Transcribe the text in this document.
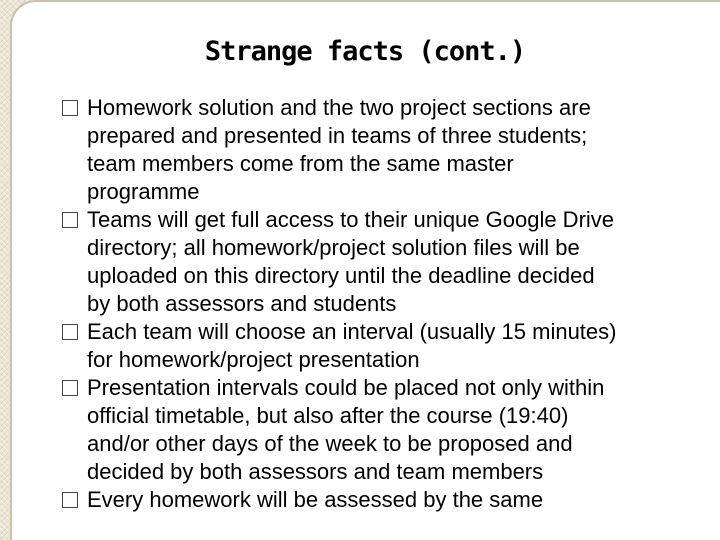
Strange facts (cont.)
Homework solution and the two project sections are
prepared and presented in teams of three students;
team members come from the same master
programme
Teams will get full access to their unique Google Drive
directory; all homework/project solution files will be
uploaded on this directory until the deadline decided
by both assessors and students
Each team will choose an interval (usually 15 minutes)
for homework/project presentation
Presentation intervals could be placed not only within
official timetable, but also after the course (19:40)
and/or other days of the week to be proposed and
decided by both assessors and team members
Every homework will be assessed by the same
